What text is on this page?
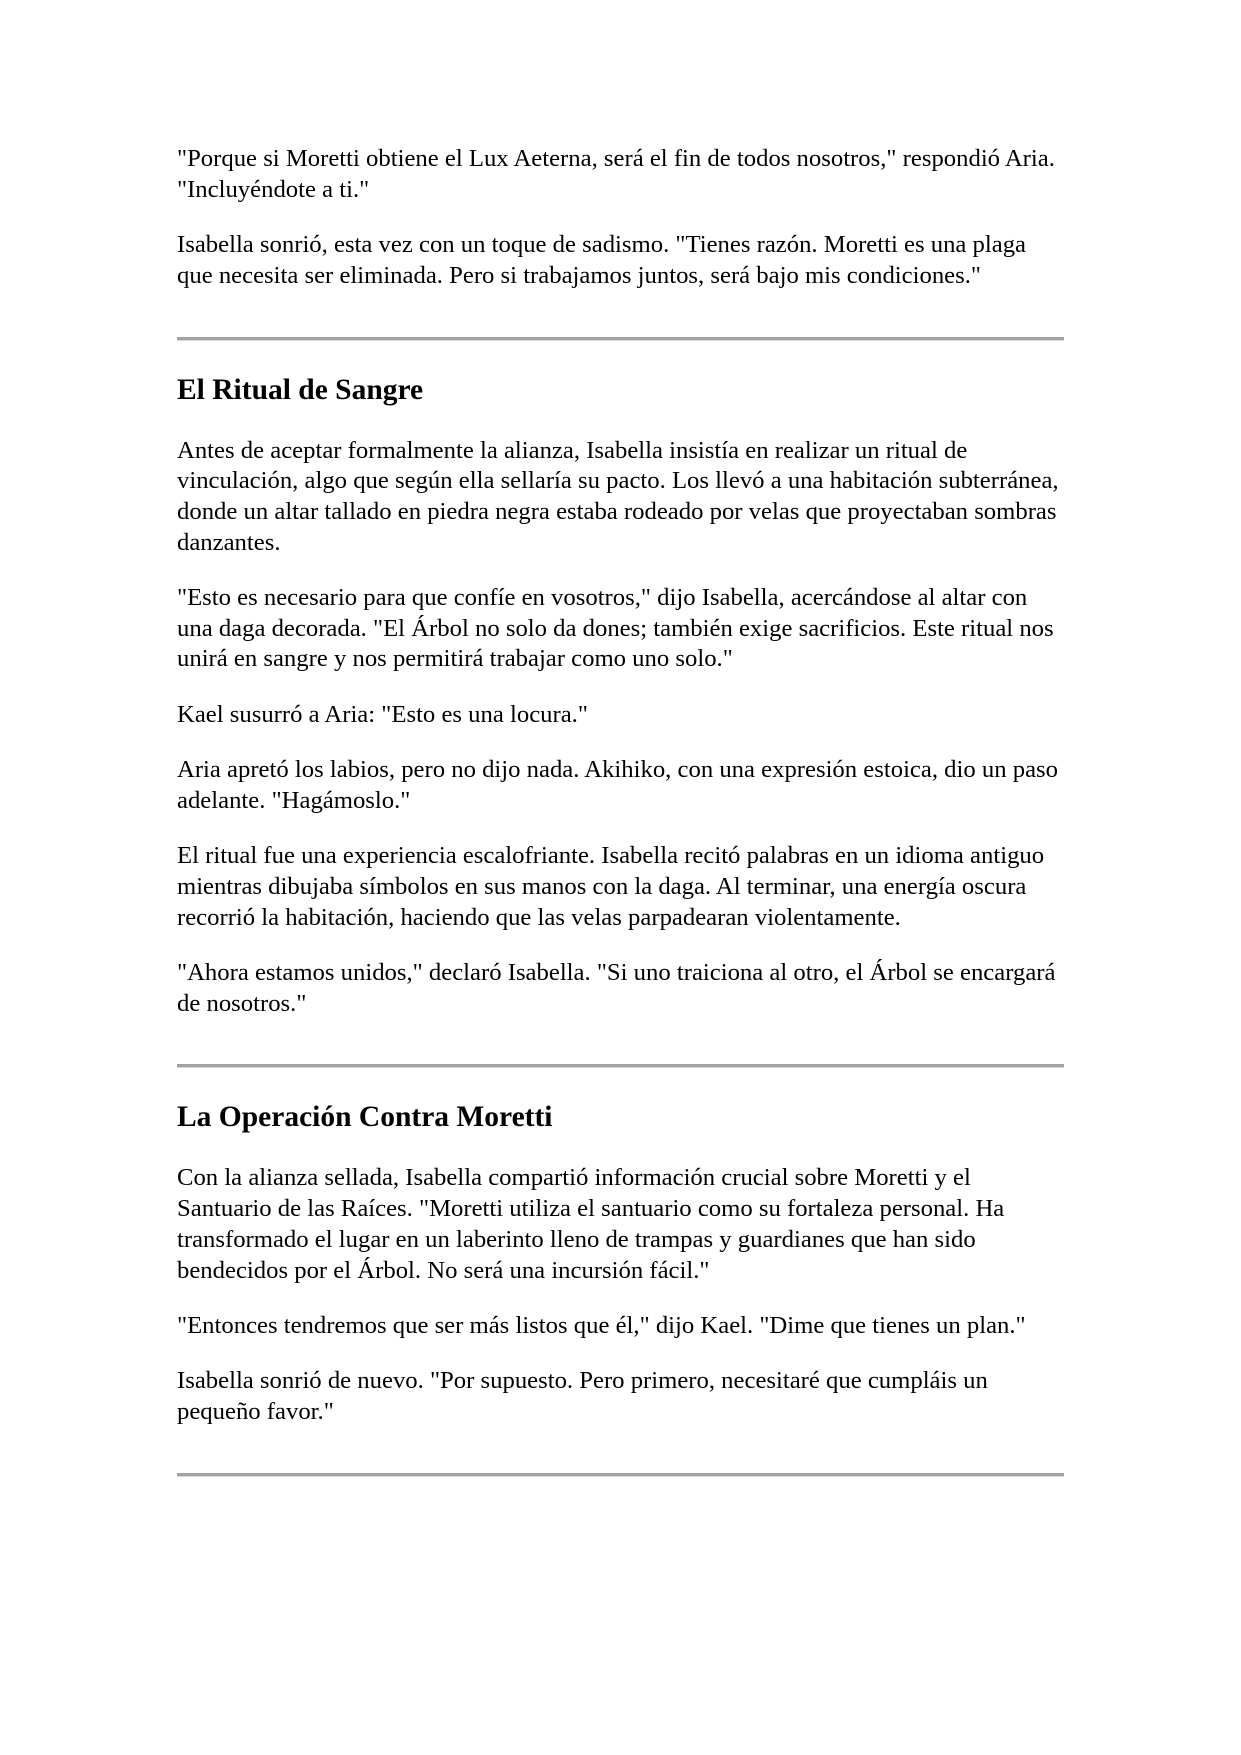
"Porque si Moretti obtiene el Lux Aeterna, será el fin de todos nosotros," respondió Aria. "Incluyéndote a ti."

Isabella sonrió, esta vez con un toque de sadismo. "Tienes razón. Moretti es una plaga que necesita ser eliminada. Pero si trabajamos juntos, será bajo mis condiciones."

El Ritual de Sangre

Antes de aceptar formalmente la alianza, Isabella insistía en realizar un ritual de vinculación, algo que según ella sellaría su pacto. Los llevó a una habitación subterránea, donde un altar tallado en piedra negra estaba rodeado por velas que proyectaban sombras danzantes.

"Esto es necesario para que confíe en vosotros," dijo Isabella, acercándose al altar con una daga decorada. "El Árbol no solo da dones; también exige sacrificios. Este ritual nos unirá en sangre y nos permitirá trabajar como uno solo."

Kael susurró a Aria: "Esto es una locura."

Aria apretó los labios, pero no dijo nada. Akihiko, con una expresión estoica, dio un paso adelante. "Hagámoslo."

El ritual fue una experiencia escalofriante. Isabella recitó palabras en un idioma antiguo mientras dibujaba símbolos en sus manos con la daga. Al terminar, una energía oscura recorrió la habitación, haciendo que las velas parpadearan violentamente.

"Ahora estamos unidos," declaró Isabella. "Si uno traiciona al otro, el Árbol se encargará de nosotros."

La Operación Contra Moretti

Con la alianza sellada, Isabella compartió información crucial sobre Moretti y el Santuario de las Raíces. "Moretti utiliza el santuario como su fortaleza personal. Ha transformado el lugar en un laberinto lleno de trampas y guardianes que han sido bendecidos por el Árbol. No será una incursión fácil."

"Entonces tendremos que ser más listos que él," dijo Kael. "Dime que tienes un plan."

Isabella sonrió de nuevo. "Por supuesto. Pero primero, necesitaré que cumpláis un pequeño favor."
